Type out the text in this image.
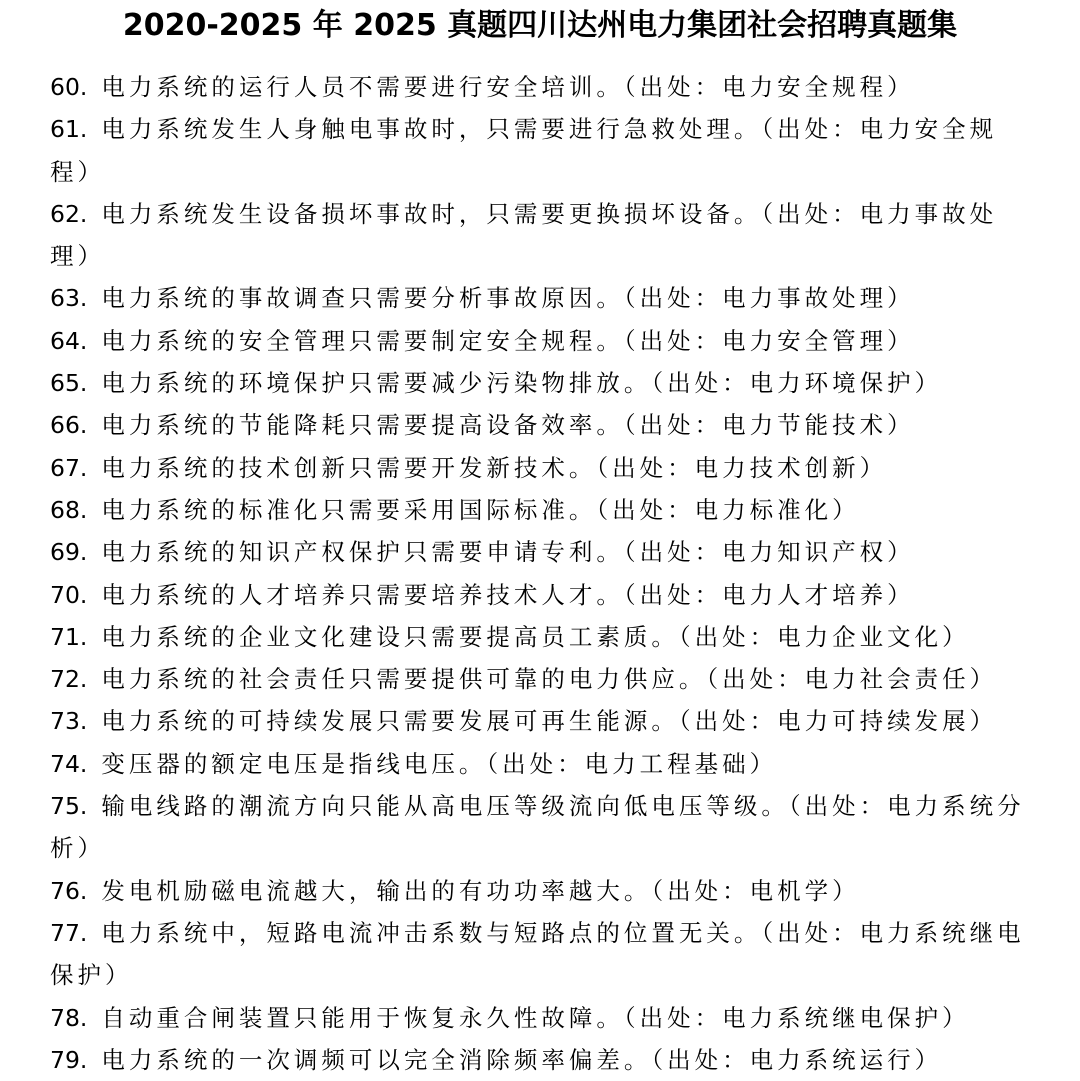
2020-2025 年 2025 真题四川达州电力集团社会招聘真题集
60. 电力系统的运行人员不需要进行安全培训。（出处：电力安全规程）
61. 电力系统发生人身触电事故时，只需要进行急救处理。（出处：电力安全规程）
62. 电力系统发生设备损坏事故时，只需要更换损坏设备。（出处：电力事故处理）
63. 电力系统的事故调查只需要分析事故原因。（出处：电力事故处理）
64. 电力系统的安全管理只需要制定安全规程。（出处：电力安全管理）
65. 电力系统的环境保护只需要减少污染物排放。（出处：电力环境保护）
66. 电力系统的节能降耗只需要提高设备效率。（出处：电力节能技术）
67. 电力系统的技术创新只需要开发新技术。（出处：电力技术创新）
68. 电力系统的标准化只需要采用国际标准。（出处：电力标准化）
69. 电力系统的知识产权保护只需要申请专利。（出处：电力知识产权）
70. 电力系统的人才培养只需要培养技术人才。（出处：电力人才培养）
71. 电力系统的企业文化建设只需要提高员工素质。（出处：电力企业文化）
72. 电力系统的社会责任只需要提供可靠的电力供应。（出处：电力社会责任）
73. 电力系统的可持续发展只需要发展可再生能源。（出处：电力可持续发展）
74. 变压器的额定电压是指线电压。（出处：电力工程基础）
75. 输电线路的潮流方向只能从高电压等级流向低电压等级。（出处：电力系统分析）
76. 发电机励磁电流越大，输出的有功功率越大。（出处：电机学）
77. 电力系统中，短路电流冲击系数与短路点的位置无关。（出处：电力系统继电保护）
78. 自动重合闸装置只能用于恢复永久性故障。（出处：电力系统继电保护）
79. 电力系统的一次调频可以完全消除频率偏差。（出处：电力系统运行）
